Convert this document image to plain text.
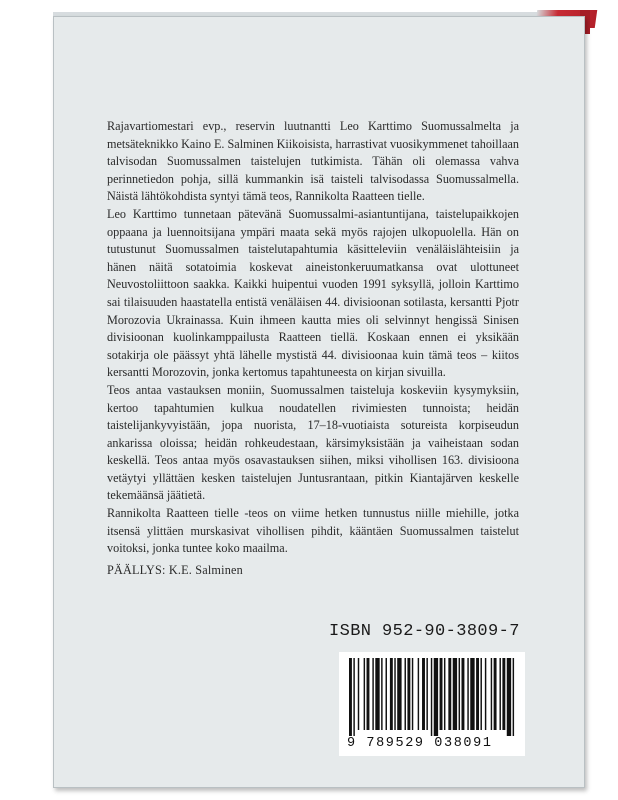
Rajavartiomestari evp., reservin luutnantti Leo Karttimo Suomussalmelta ja metsäteknikko Kaino E. Salminen Kiikoisista, harrastivat vuosikymmenet tahoillaan talvisodan Suomussalmen taistelujen tutkimista. Tähän oli olemassa vahva perinnetiedon pohja, sillä kummankin isä taisteli talvisodassa Suomussalmella. Näistä lähtökohdista syntyi tämä teos, Rannikolta Raatteen tielle.

Leo Karttimo tunnetaan pätevänä Suomussalmi-asiantuntijana, taistelupaikkojen oppaana ja luennoitsijana ympäri maata sekä myös rajojen ulkopuolella. Hän on tutustunut Suomussalmen taistelutapahtumia käsitteleviin venäläislähteisiin ja hänen näitä sotatoimia koskevat aineistonkeruumatkansa ovat ulottuneet Neuvostoliittoon saakka. Kaikki huipentui vuoden 1991 syksyllä, jolloin Karttimo sai tilaisuuden haastatella entistä venäläisen 44. divisioonan sotilasta, kersantti Pjotr Morozovia Ukrainassa. Kuin ihmeen kautta mies oli selvinnyt hengissä Sinisen divisioonan kuolinkamppailusta Raatteen tiellä. Koskaan ennen ei yksikään sotakirja ole päässyt yhtä lähelle mystistä 44. divisioonaa kuin tämä teos – kiitos kersantti Morozovin, jonka kertomus tapahtuneesta on kirjan sivuilla.

Teos antaa vastauksen moniin, Suomussalmen taisteluja koskeviin kysymyksiin, kertoo tapahtumien kulkua noudatellen rivimiesten tunnoista; heidän taistelijankyvyistään, jopa nuorista, 17–18-vuotiaista sotureista korpiseudun ankarissa oloissa; heidän rohkeudestaan, kärsimyksistään ja vaiheistaan sodan keskellä. Teos antaa myös osavastauksen siihen, miksi vihollisen 163. divisioona vetäytyi yllättäen kesken taistelujen Juntusrantaan, pitkin Kiantajärven keskelle tekemäänsä jäätietä.

Rannikolta Raatteen tielle -teos on viime hetken tunnustus niille miehille, jotka itsensä ylittäen murskasivat vihollisen pihdit, kääntäen Suomussalmen taistelut voitoksi, jonka tuntee koko maailma.

PÄÄLLYS: K.E. Salminen
ISBN 952-90-3809-7
9 789529 038091
